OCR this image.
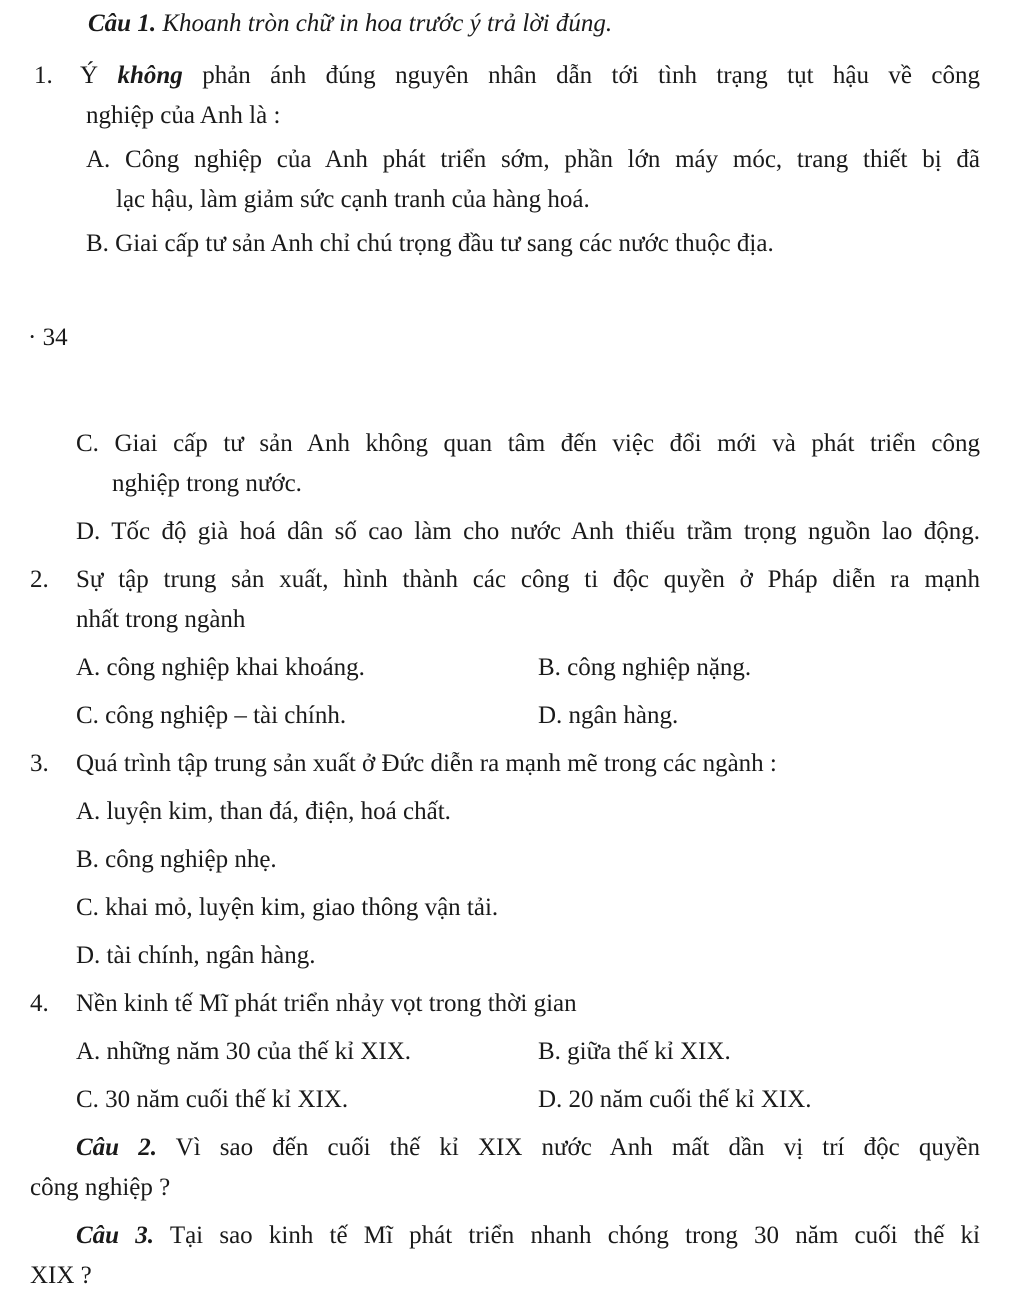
Câu 1. Khoanh tròn chữ in hoa trước ý trả lời đúng.
1. Ý không phản ánh đúng nguyên nhân dẫn tới tình trạng tụt hậu về công
nghiệp của Anh là :
A. Công nghiệp của Anh phát triển sớm, phần lớn máy móc, trang thiết bị đã
lạc hậu, làm giảm sức cạnh tranh của hàng hoá.
B. Giai cấp tư sản Anh chỉ chú trọng đầu tư sang các nước thuộc địa.
· 34
C. Giai cấp tư sản Anh không quan tâm đến việc đổi mới và phát triển công
nghiệp trong nước.
D. Tốc độ già hoá dân số cao làm cho nước Anh thiếu trầm trọng nguồn lao động.
2. Sự tập trung sản xuất, hình thành các công ti độc quyền ở Pháp diễn ra mạnh
nhất trong ngành
A. công nghiệp khai khoáng.	B. công nghiệp nặng.
C. công nghiệp – tài chính.	D. ngân hàng.
3. Quá trình tập trung sản xuất ở Đức diễn ra mạnh mẽ trong các ngành :
A. luyện kim, than đá, điện, hoá chất.
B. công nghiệp nhẹ.
C. khai mỏ, luyện kim, giao thông vận tải.
D. tài chính, ngân hàng.
4. Nền kinh tế Mĩ phát triển nhảy vọt trong thời gian
A. những năm 30 của thế kỉ XIX.	B. giữa thế kỉ XIX.
C. 30 năm cuối thế kỉ XIX.	D. 20 năm cuối thế kỉ XIX.
Câu 2. Vì sao đến cuối thế kỉ XIX nước Anh mất dần vị trí độc quyền
công nghiệp ?
Câu 3. Tại sao kinh tế Mĩ phát triển nhanh chóng trong 30 năm cuối thế kỉ
XIX ?
